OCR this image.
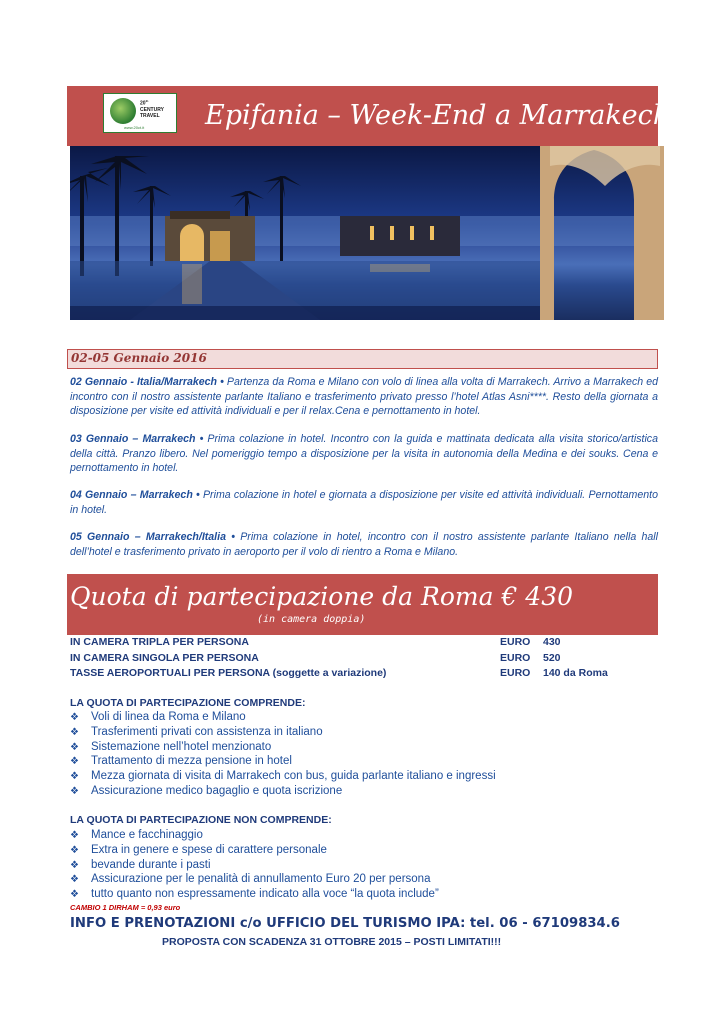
20th
CENTURY
TRAVEL
www.20ct.it Epifania – Week-End a Marrakech
02-05 Gennaio 2016
02 Gennaio - Italia/Marrakech • Partenza da Roma e Milano con volo di linea alla volta di Marrakech. Arrivo a Marrakech ed incontro con il nostro assistente parlante Italiano e trasferimento privato presso l’hotel Atlas Asni****. Resto della giornata a disposizione per visite ed attività individuali e per il relax.Cena e pernottamento in hotel.
03 Gennaio – Marrakech • Prima colazione in hotel. Incontro con la guida e mattinata dedicata alla visita storico/artistica della città. Pranzo libero. Nel pomeriggio tempo a disposizione per la visita in autonomia della Medina e dei souks. Cena e pernottamento in hotel.
04 Gennaio – Marrakech • Prima colazione in hotel e giornata a disposizione per visite ed attività individuali. Pernottamento in hotel.
05 Gennaio – Marrakech/Italia • Prima colazione in hotel, incontro con il nostro assistente parlante Italiano nella hall dell’hotel e trasferimento privato in aeroporto per il volo di rientro a Roma e Milano.
Quota di partecipazione da Roma € 430
(in camera doppia)
IN CAMERA TRIPLA PER PERSONA	EURO 430
IN CAMERA SINGOLA PER PERSONA	EURO 520
TASSE AEROPORTUALI PER PERSONA (soggette a variazione)	EURO 140 da Roma
LA QUOTA DI PARTECIPAZIONE COMPRENDE:
❖ Voli di linea da Roma e Milano
❖ Trasferimenti privati con assistenza in italiano
❖ Sistemazione nell’hotel menzionato
❖ Trattamento di mezza pensione in hotel
❖ Mezza giornata di visita di Marrakech con bus, guida parlante italiano e ingressi
❖ Assicurazione medico bagaglio e quota iscrizione
LA QUOTA DI PARTECIPAZIONE NON COMPRENDE:
❖ Mance e facchinaggio
❖ Extra in genere e spese di carattere personale
❖ bevande durante i pasti
❖ Assicurazione per le penalità di annullamento Euro 20 per persona
❖ tutto quanto non espressamente indicato alla voce “la quota include”
CAMBIO 1 DIRHAM = 0,93 euro
INFO E PRENOTAZIONI c/o UFFICIO DEL TURISMO IPA: tel. 06 - 67109834.6
PROPOSTA CON SCADENZA 31 OTTOBRE 2015 – POSTI LIMITATI!!!
